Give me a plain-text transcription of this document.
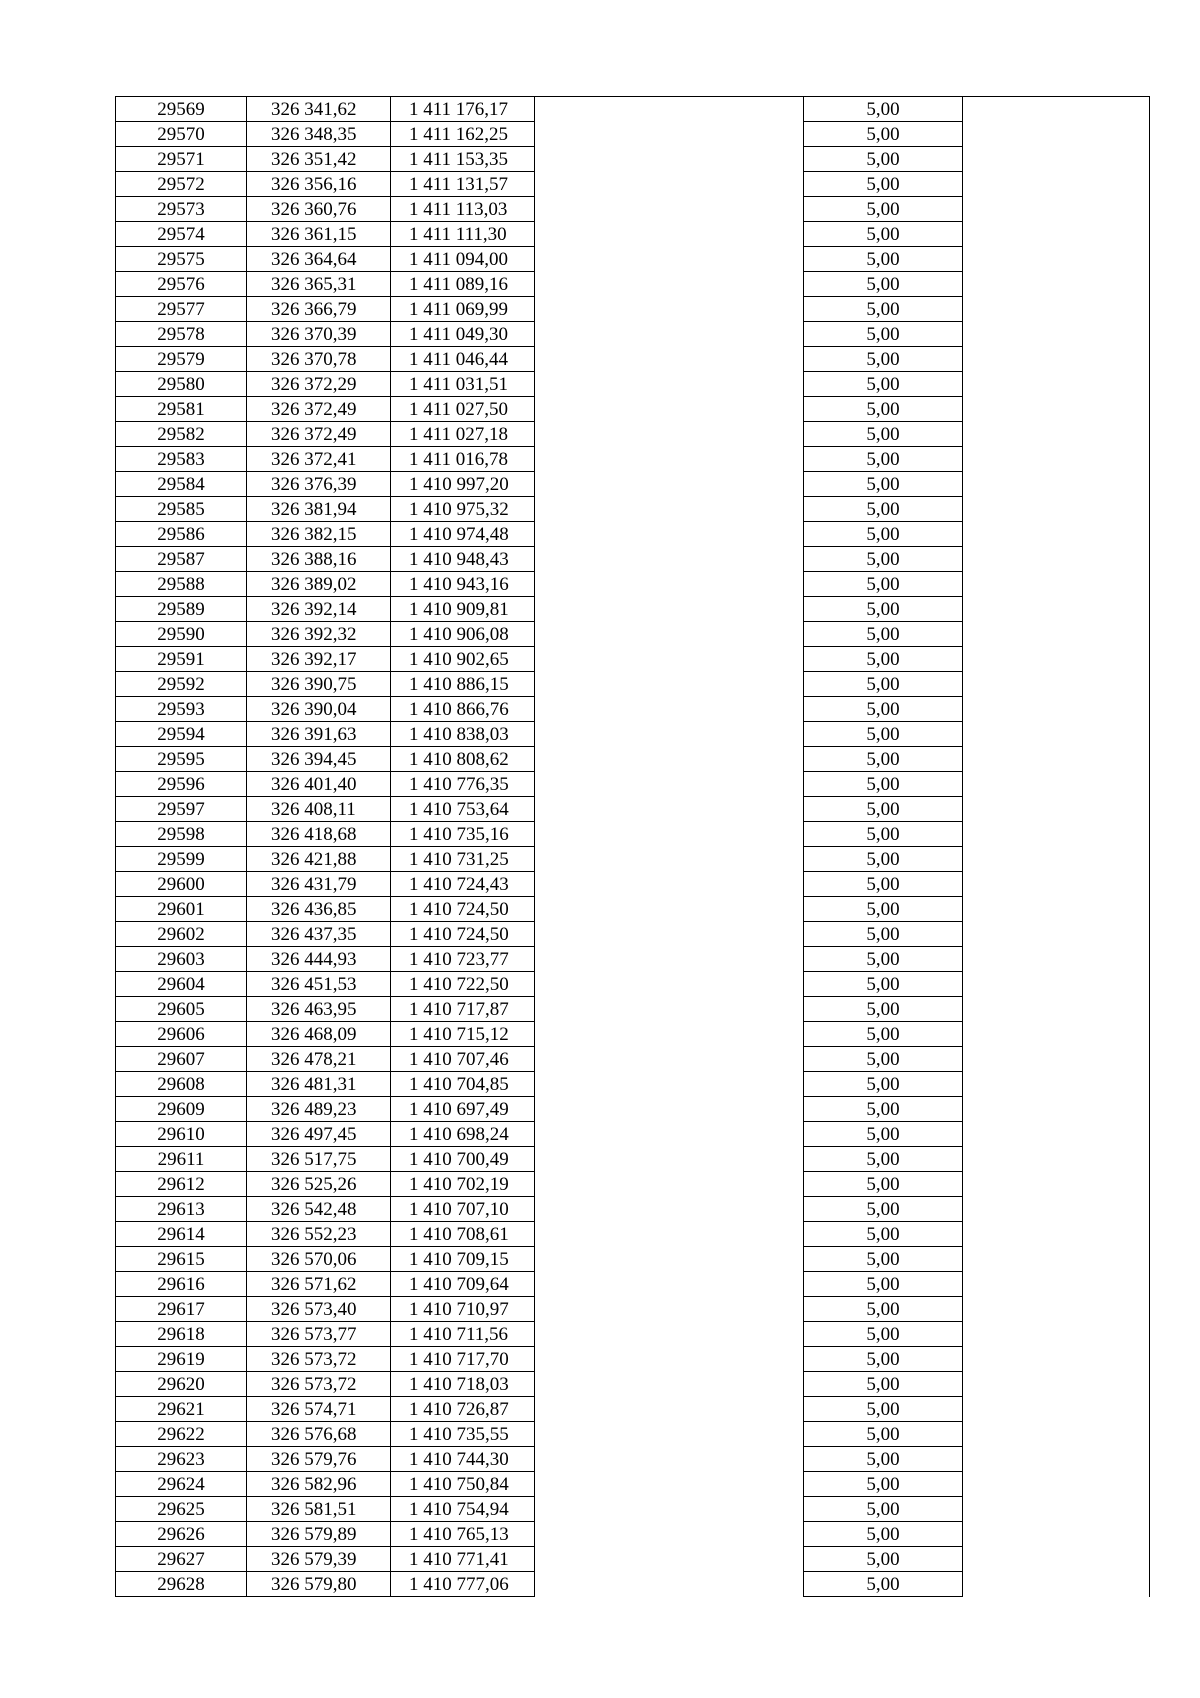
29569	326 341,62	1 411 176,17		5,00	
29570	326 348,35	1 411 162,25		5,00	
29571	326 351,42	1 411 153,35		5,00	
29572	326 356,16	1 411 131,57		5,00	
29573	326 360,76	1 411 113,03		5,00	
29574	326 361,15	1 411 111,30		5,00	
29575	326 364,64	1 411 094,00		5,00	
29576	326 365,31	1 411 089,16		5,00	
29577	326 366,79	1 411 069,99		5,00	
29578	326 370,39	1 411 049,30		5,00	
29579	326 370,78	1 411 046,44		5,00	
29580	326 372,29	1 411 031,51		5,00	
29581	326 372,49	1 411 027,50		5,00	
29582	326 372,49	1 411 027,18		5,00	
29583	326 372,41	1 411 016,78		5,00	
29584	326 376,39	1 410 997,20		5,00	
29585	326 381,94	1 410 975,32		5,00	
29586	326 382,15	1 410 974,48		5,00	
29587	326 388,16	1 410 948,43		5,00	
29588	326 389,02	1 410 943,16		5,00	
29589	326 392,14	1 410 909,81		5,00	
29590	326 392,32	1 410 906,08		5,00	
29591	326 392,17	1 410 902,65		5,00	
29592	326 390,75	1 410 886,15		5,00	
29593	326 390,04	1 410 866,76		5,00	
29594	326 391,63	1 410 838,03		5,00	
29595	326 394,45	1 410 808,62		5,00	
29596	326 401,40	1 410 776,35		5,00	
29597	326 408,11	1 410 753,64		5,00	
29598	326 418,68	1 410 735,16		5,00	
29599	326 421,88	1 410 731,25		5,00	
29600	326 431,79	1 410 724,43		5,00	
29601	326 436,85	1 410 724,50		5,00	
29602	326 437,35	1 410 724,50		5,00	
29603	326 444,93	1 410 723,77		5,00	
29604	326 451,53	1 410 722,50		5,00	
29605	326 463,95	1 410 717,87		5,00	
29606	326 468,09	1 410 715,12		5,00	
29607	326 478,21	1 410 707,46		5,00	
29608	326 481,31	1 410 704,85		5,00	
29609	326 489,23	1 410 697,49		5,00	
29610	326 497,45	1 410 698,24		5,00	
29611	326 517,75	1 410 700,49		5,00	
29612	326 525,26	1 410 702,19		5,00	
29613	326 542,48	1 410 707,10		5,00	
29614	326 552,23	1 410 708,61		5,00	
29615	326 570,06	1 410 709,15		5,00	
29616	326 571,62	1 410 709,64		5,00	
29617	326 573,40	1 410 710,97		5,00	
29618	326 573,77	1 410 711,56		5,00	
29619	326 573,72	1 410 717,70		5,00	
29620	326 573,72	1 410 718,03		5,00	
29621	326 574,71	1 410 726,87		5,00	
29622	326 576,68	1 410 735,55		5,00	
29623	326 579,76	1 410 744,30		5,00	
29624	326 582,96	1 410 750,84		5,00	
29625	326 581,51	1 410 754,94		5,00	
29626	326 579,89	1 410 765,13		5,00	
29627	326 579,39	1 410 771,41		5,00	
29628	326 579,80	1 410 777,06		5,00	
